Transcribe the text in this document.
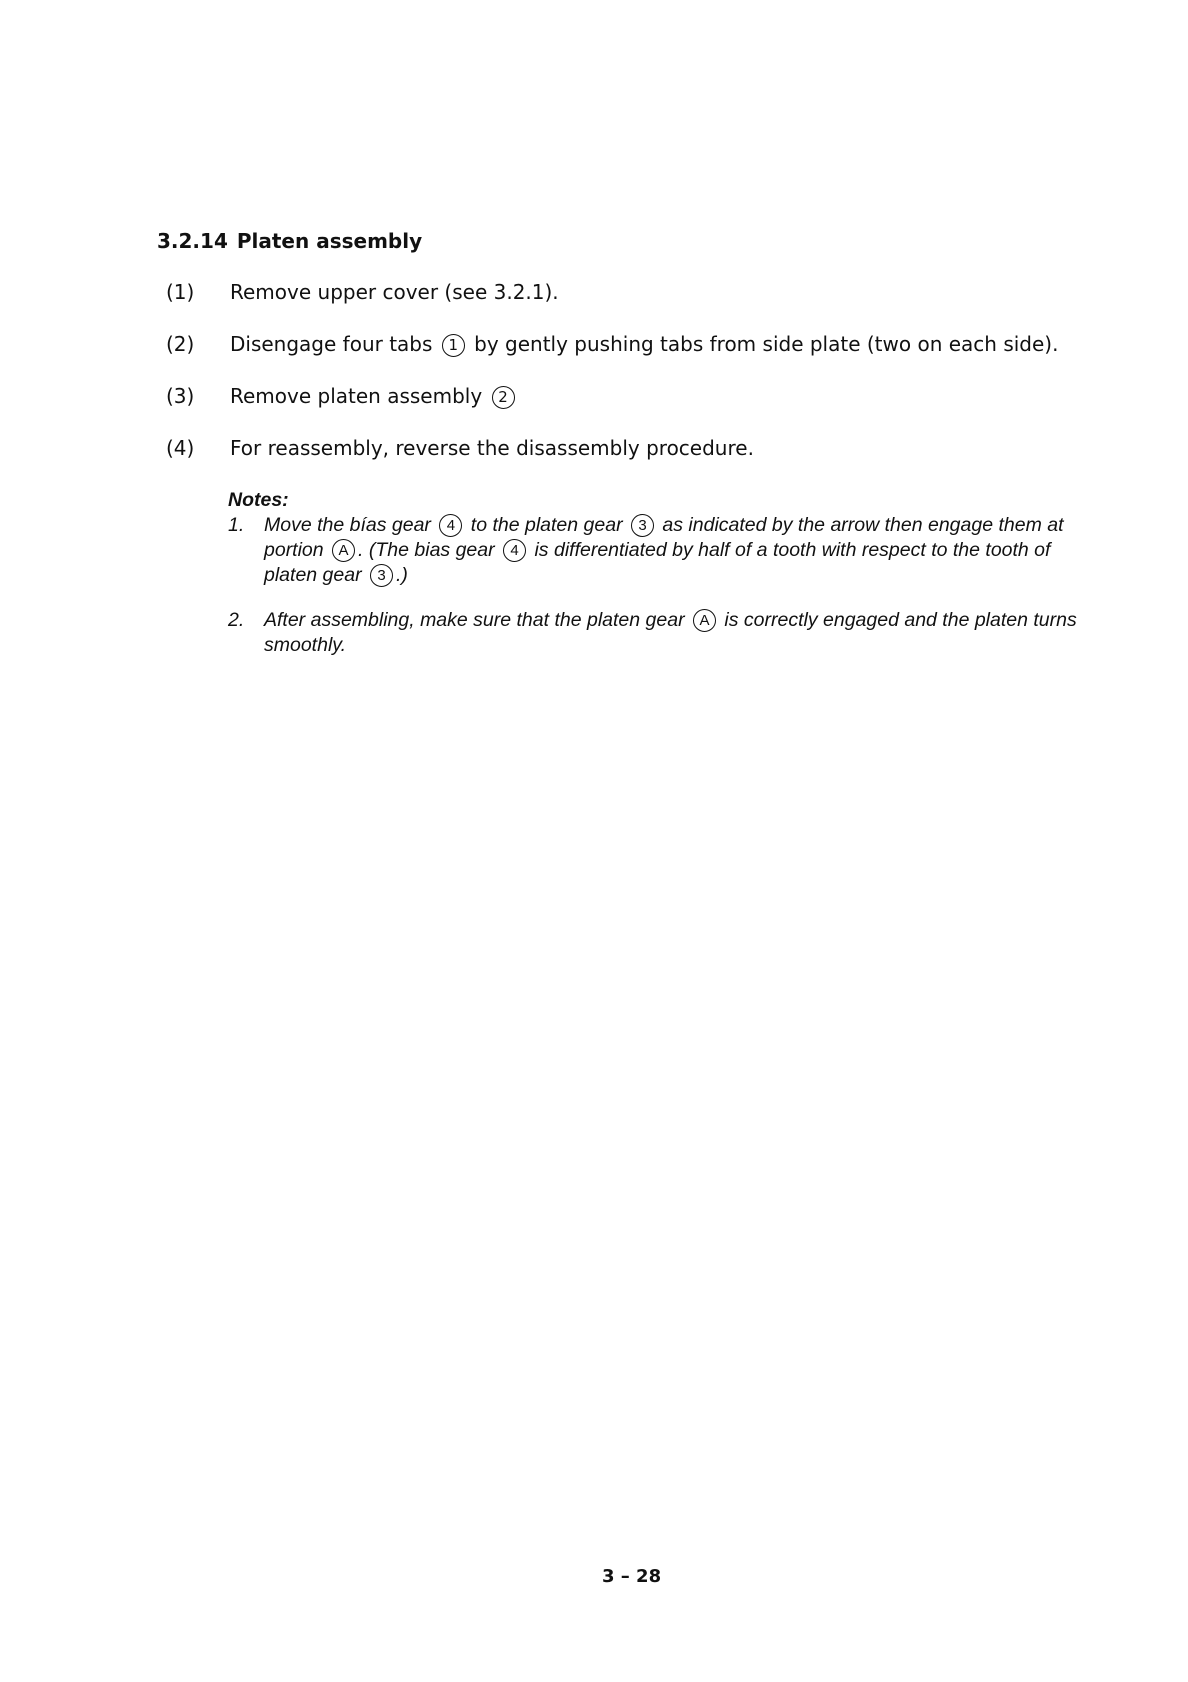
3.2.14 Platen assembly
(1) Remove upper cover (see 3.2.1).
(2) Disengage four tabs 1 by gently pushing tabs from side plate (two on each side).
(3) Remove platen assembly 2
(4) For reassembly, reverse the disassembly procedure.
Notes:
1. Move the bías gear 4 to the platen gear 3 as indicated by the arrow then engage them at portion A . (The bias gear 4 is differentiated by half of a tooth with respect to the tooth of platen gear 3 .)

2. After assembling, make sure that the platen gear A is correctly engaged and the platen turns smoothly.

3 – 28
